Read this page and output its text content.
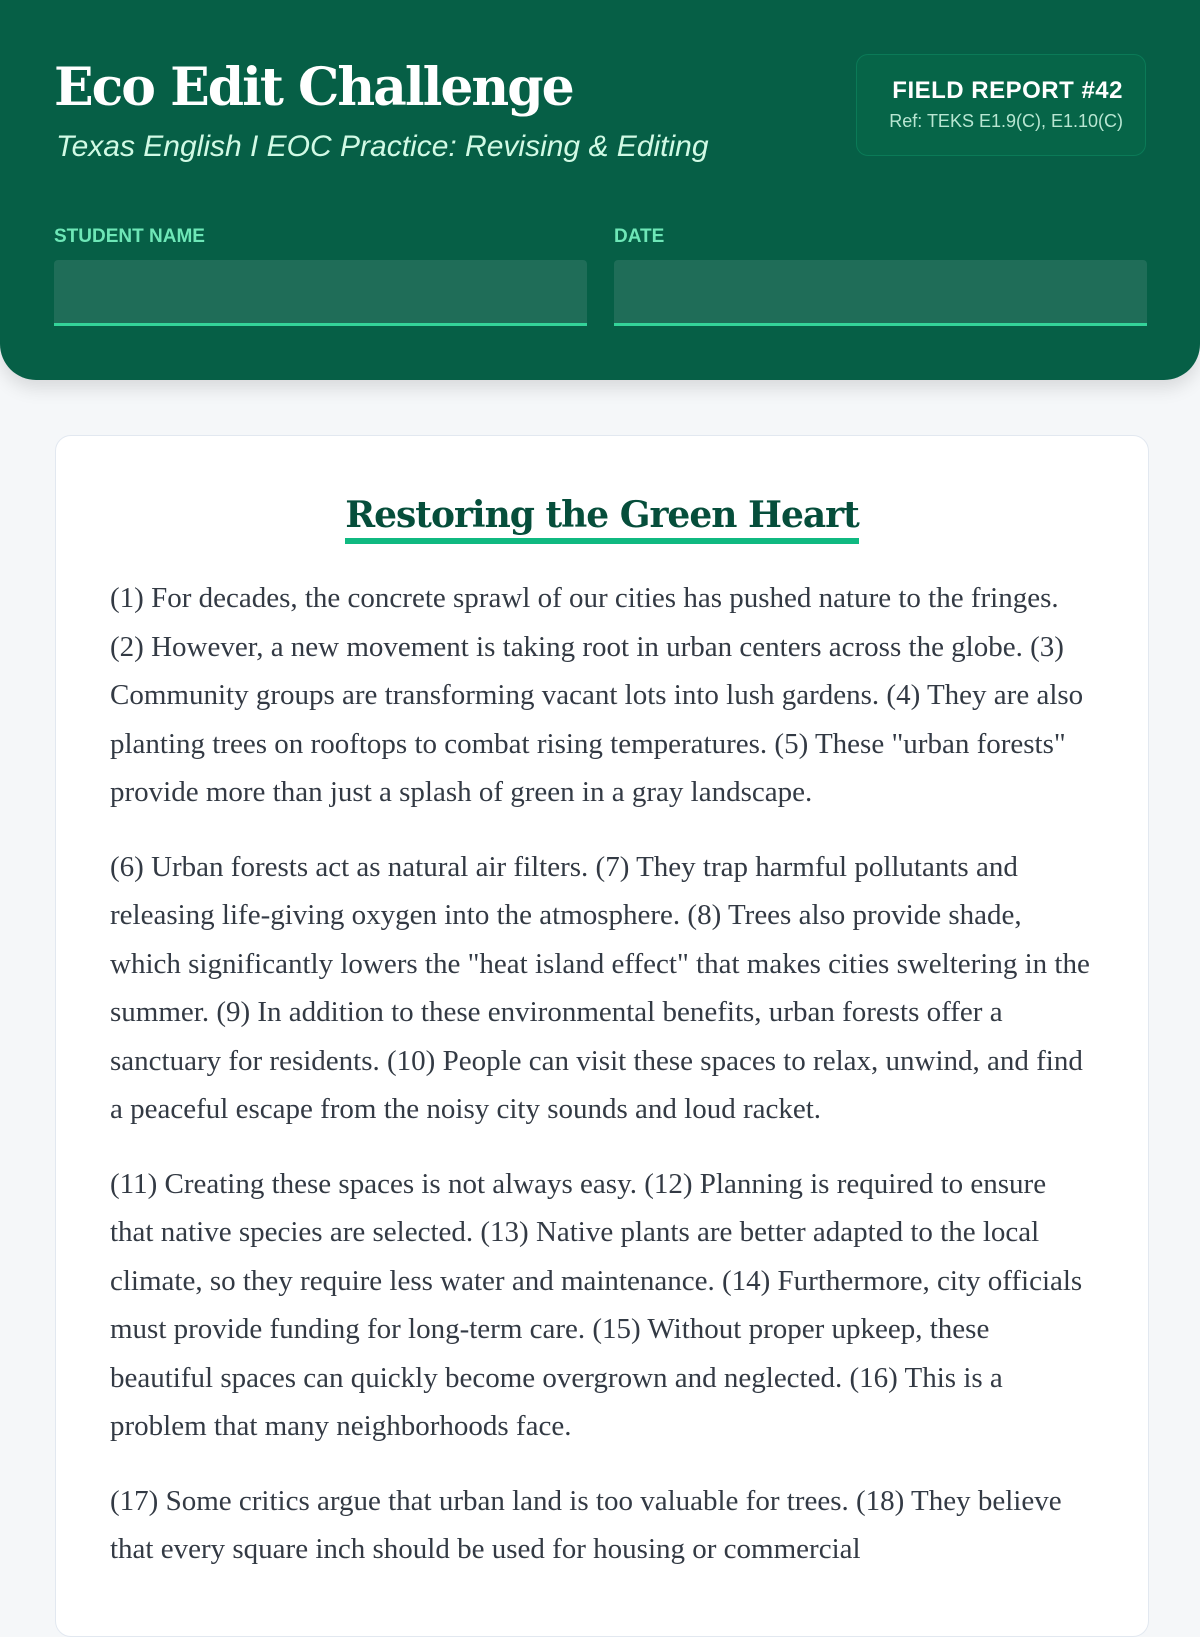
Eco Edit Challenge
Texas English I EOC Practice: Revising & Editing
FIELD REPORT #42
Ref: TEKS E1.9(C), E1.10(C)
STUDENT NAME	DATE
Restoring the Green Heart

(1) For decades, the concrete sprawl of our cities has pushed nature to the fringes. (2) However, a new movement is taking root in urban centers across the globe. (3) Community groups are transforming vacant lots into lush gardens. (4) They are also planting trees on rooftops to combat rising temperatures. (5) These "urban forests" provide more than just a splash of green in a gray landscape.

(6) Urban forests act as natural air filters. (7) They trap harmful pollutants and releasing life-giving oxygen into the atmosphere. (8) Trees also provide shade, which significantly lowers the "heat island effect" that makes cities sweltering in the summer. (9) In addition to these environmental benefits, urban forests offer a sanctuary for residents. (10) People can visit these spaces to relax, unwind, and find a peaceful escape from the noisy city sounds and loud racket.

(11) Creating these spaces is not always easy. (12) Planning is required to ensure that native species are selected. (13) Native plants are better adapted to the local climate, so they require less water and maintenance. (14) Furthermore, city officials must provide funding for long-term care. (15) Without proper upkeep, these beautiful spaces can quickly become overgrown and neglected. (16) This is a problem that many neighborhoods face.

(17) Some critics argue that urban land is too valuable for trees. (18) They believe that every square inch should be used for housing or commercial
